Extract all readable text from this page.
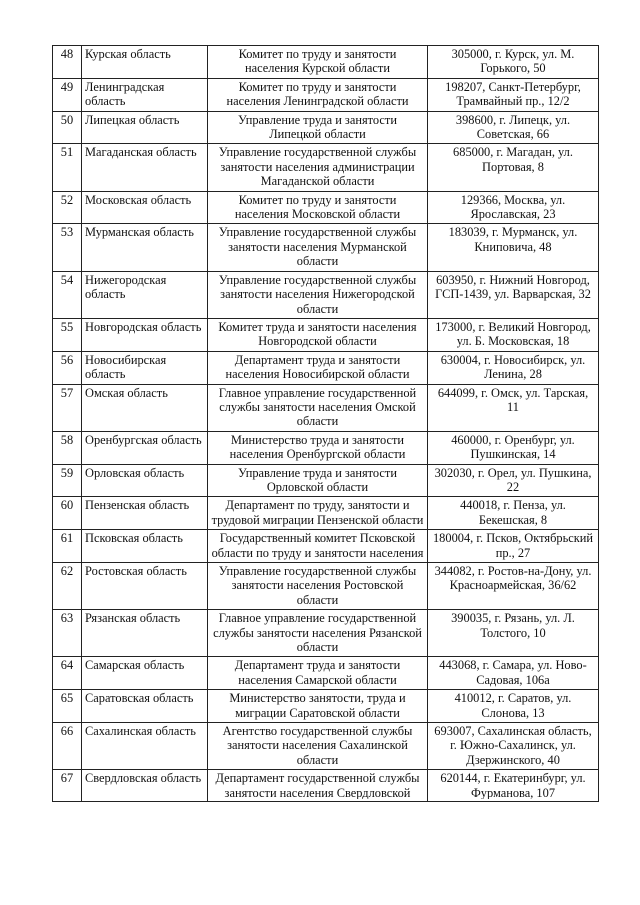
48	Курская область	Комитет по труду и занятости населения Курской области	305000, г. Курск, ул. М. Горького, 50

49	Ленинградская область	Комитет по труду и занятости населения Ленинградской области	198207, Санкт-Петербург, Трамвайный пр., 12/2

50	Липецкая область	Управление труда и занятости Липецкой области	398600, г. Липецк, ул. Советская, 66

51	Магаданская область	Управление государственной службы занятости населения администрации Магаданской области	685000, г. Магадан, ул. Портовая, 8

52	Московская область	Комитет по труду и занятости населения Московской области	129366, Москва, ул. Ярославская, 23

53	Мурманская область	Управление государственной службы занятости населения Мурманской области	183039, г. Мурманск, ул. Книповича, 48

54	Нижегородская область	Управление государственной службы занятости населения Нижегородской области	603950, г. Нижний Новгород, ГСП-1439, ул. Варварская, 32

55	Новгородская область	Комитет труда и занятости населения Новгородской области	173000, г. Великий Новгород, ул. Б. Московская, 18

56	Новосибирская область	Департамент труда и занятости населения Новосибирской области	630004, г. Новосибирск, ул. Ленина, 28

57	Омская область	Главное управление государственной службы занятости населения Омской области	644099, г. Омск, ул. Тарская, 11

58	Оренбургская область	Министерство труда и занятости населения Оренбургской области	460000, г. Оренбург, ул. Пушкинская, 14

59	Орловская область	Управление труда и занятости Орловской области	302030, г. Орел, ул. Пушкина, 22

60	Пензенская область	Департамент по труду, занятости и трудовой миграции Пензенской области	440018, г. Пенза, ул. Бекешская, 8

61	Псковская область	Государственный комитет Псковской области по труду и занятости населения	180004, г. Псков, Октябрьский пр., 27

62	Ростовская область	Управление государственной службы занятости населения Ростовской области	344082, г. Ростов-на-Дону, ул. Красноармейская, 36/62

63	Рязанская область	Главное управление государственной службы занятости населения Рязанской области	390035, г. Рязань, ул. Л. Толстого, 10

64	Самарская область	Департамент труда и занятости населения Самарской области	443068, г. Самара, ул. Ново-Садовая, 106а

65	Саратовская область	Министерство занятости, труда и миграции Саратовской области	410012, г. Саратов, ул. Слонова, 13

66	Сахалинская область	Агентство государственной службы занятости населения Сахалинской области	693007, Сахалинская область, г. Южно-Сахалинск, ул. Дзержинского, 40

67	Свердловская область	Департамент государственной службы занятости населения Свердловской	620144, г. Екатеринбург, ул. Фурманова, 107
